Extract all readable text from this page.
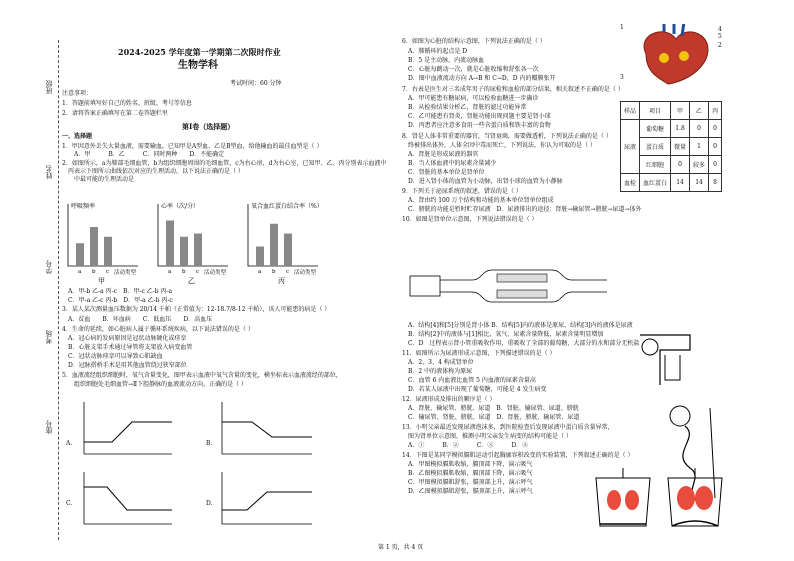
班级
姓名
学号
考场
座号
2024-2025 学年度第一学期第二次限时作业
生物学科
考试时间：60 分钟
注意事项：
1．答题前填写好自己的姓名、班级、考号等信息
2．请将答案正确填写在第二卷答题栏里
第Ⅰ卷（选择题）
一、选择题
1．甲因意外丢失大量血液，需要输血，已知甲是A型血，乙是B型血，给他输血的最佳血型是（ ）
　　A．甲　　　B．乙　　　C．同时两种　　D．不能确定
2．如图所示，a为肺部毛细血管，b为组织细胞周围的毛细血管，c为右心房，d为右心室，已知甲、乙、丙分别表示血液中
　丙表示下图所示曲线依次对应的生理活动，以下说法正确的是（ ）
　　中最可能的生理活动是
呼吸频率
活动类型
甲
a b c
心率（次/分）
活动类型
乙
a b c
氧合血红蛋白结合率（%）
活动类型
丙
a b c
　A．甲-b 乙-a 丙-c　B．甲-c 乙-b 丙-a
　C．甲-a 乙-c 丙-b　D．甲-a 乙-b 丙-c
3．某人某次测量血压数据为 20/14 千帕（正常值为：12-18.7/8-12 千帕），该人可能患的病是（ ）
　A．贫血　　B．坏血病　　C．低血压　　D．高血压
4．生命的延续，如心脏病人属于循环系统疾病，以下说法错误的是（ ）
　A．冠心病的发病原因是冠状动脉硬化或痉挛
　B．心脏支架手术通过导管将支架放入病变血管
　C．冠状动脉痉挛可以导致心肌缺血
　D．冠脉搭桥手术是用其他血管绕过狭窄部位
5．血液流经组织细胞时，氧气含量变化，图甲表示血液中氧气含量的变化，横坐标表示血液流经的部位，
　　组织细胞处毛细血管→Ⅱ下腔静脉的血液流动方向，正确的是（ ）
A.	B.
C.	D.
6．如图为心脏的结构示意图，下列说法正确的是（ ）
　A．肺循环的起点是 D
　B．5 是主动脉，内流动脉血
　C．心脏每跳动一次，就是心脏收缩和舒张各一次
　D．图中血液流动方向 A→B 和 C→D，D 内的瓣膜张开
7．右表是医生对三名成年男子的尿检和血检的部分结果，相关叙述不正确的是（ ）
　A．甲可能患有糖尿病，可以检验血糖进一步确诊
　B．从检验结果分析乙，肾脏的滤过功能异常
　C．乙可能患有肾炎，肾脏功能出现问题主要是肾小球
　D．丙患者应注意多食用一些含蛋白质和铁丰富的食物
8．肾是人体非常重要的器官，当肾衰竭，需要做透析，下列说法正确的是（ ）
　终被排出体外，人体全因中毒而死亡，下列说法，你认为可取的是（ ）
　A．肾脏是形成尿液的器官
　B．当人体血液中的尿素含量减少
　C．肾脏的基本单位是肾单位
　D．进入肾小体的血管为小动脉，出肾小球的血管为小静脉
9．下列关于泌尿系统的叙述，错误的是（ ）
　A．肾由约 100 万个结构和功能的基本单位肾单位组成
　C．膀胱的功能是暂时贮存尿液　D．尿液排出的途径：肾脏→输尿管→膀胱→尿道→体外
10．如图是肾单位示意图，下列说法错误的是（ ）
　A．结构[4]和[5]分别是肾小体 B．结构[5]内的液体是原尿，结构[3]内的液体是尿液
　B．结构[2]中的液体与[1]相比，氧气、尿素含量降低，尿素含量明显增加
　C．D　过程表示肾小管重吸收作用，重吸收了全部的葡萄糖、大部分的水和部分无机盐
11．如图所示为尿液形成示意图，下列描述错误的是（ ）
　A．2、3、4 构成肾单位
　B．2 中的液体称为原尿
　C．血管 6 内血液比血管 5 内血液的尿素含量高
　D．若某人尿液中出现了葡萄糖，可能是 4 发生病变
12．尿液形成及排出的顺序是（ ）
　A．肾脏、输尿管、膀胱、尿道　B．肾脏、输尿管、尿道、膀胱
　C．输尿管、肾脏、膀胱、尿道　D．肾脏、膀胱、输尿管、尿道
13．小明父亲最近发现尿液泡沫多，到医院检查后发现尿液中蛋白质含量异常，
　图为肾单位示意图，推测小明父亲发生病变的结构可能是（ ）
　A．①　　　B．②　　　C．③　　　D．④
14．下图是某同学模拟膈肌运动引起胸廓容积改变的实验装置，下列叙述正确的是（ ）
　A．甲图模拟膈肌收缩，膈顶部下降，演示吸气
　B．乙图模拟膈肌收缩，膈顶部下降，演示吸气
　C．甲图模拟膈肌舒张，膈顶部上升，演示呼气
　D．乙图模拟膈肌舒张，膈顶部上升，演示呼气
4
5
2
1
3
样品	项目	甲	乙	丙
尿液	葡萄糖	1.8	0	0
	蛋白质	微量	1	0
	红细胞	0	较多	0
血检	血红蛋白	14	14	8
第 1 页，共 4 页
